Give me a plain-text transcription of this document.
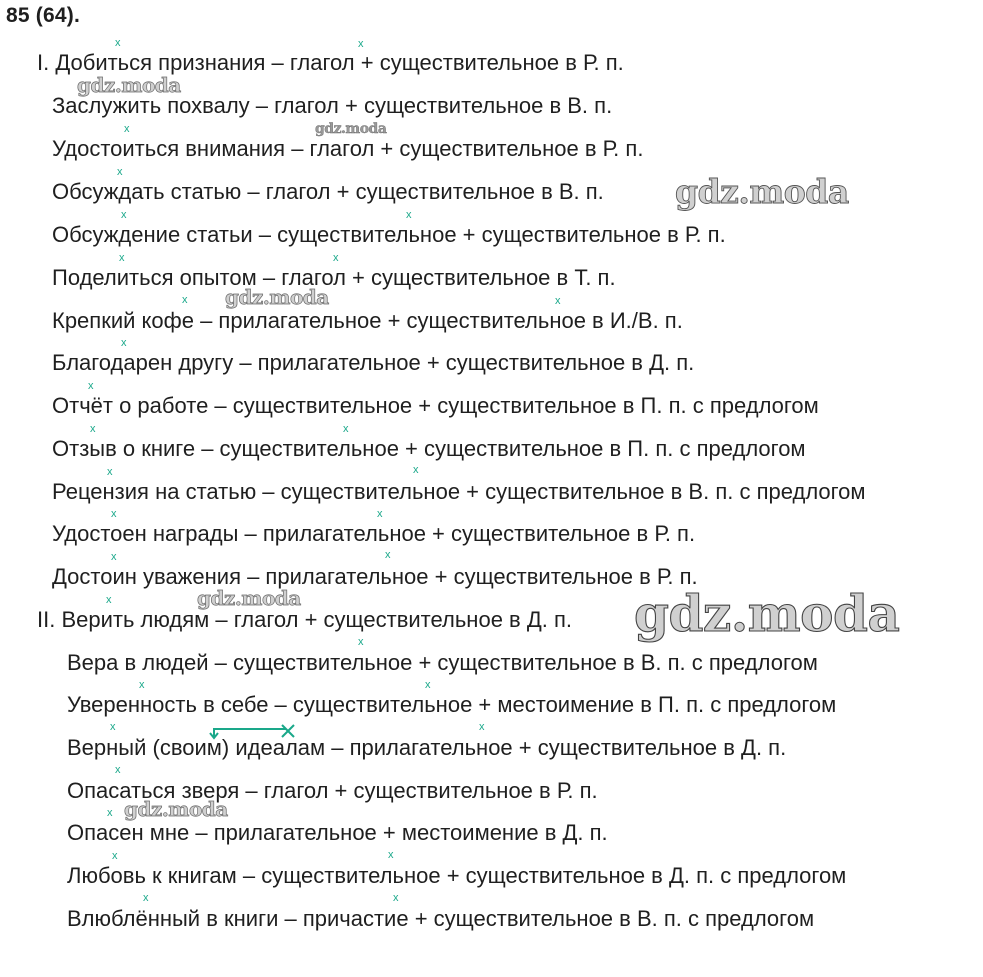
85 (64).
I. Добиться признания – глагол + существительное в Р. п.
Заслужить похвалу – глагол + существительное в В. п.
Удостоиться внимания – глагол + существительное в Р. п.
Обсуждать статью – глагол + существительное в В. п.
Обсуждение статьи – существительное + существительное в Р. п.
Поделиться опытом – глагол + существительное в Т. п.
Крепкий кофе – прилагательное + существительное в И./В. п.
Благодарен другу – прилагательное + существительное в Д. п.
Отчёт о работе – существительное + существительное в П. п. с предлогом
Отзыв о книге – существительное + существительное в П. п. с предлогом
Рецензия на статью – существительное + существительное в В. п. с предлогом
Удостоен награды – прилагательное + существительное в Р. п.
Достоин уважения – прилагательное + существительное в Р. п.
II. Верить людям – глагол + существительное в Д. п.
Вера в людей – существительное + существительное в В. п. с предлогом
Уверенность в себе – существительное + местоимение в П. п. с предлогом
Верный (своим) идеалам – прилагательное + существительное в Д. п.
Опасаться зверя – глагол + существительное в Р. п.
Опасен мне – прилагательное + местоимение в Д. п.
Любовь к книгам – существительное + существительное в Д. п. с предлогом
Влюблённый в книги – причастие + существительное в В. п. с предлогом
gdz.moda
gdz.moda
gdz.moda
gdz.moda
gdz.moda	gdz.moda
gdz.moda
x	x
x
x
x	x
x	x
x	x
x
x
x	x
x	x
x	x
x	x
x
x
x	x
x	x
x
x
x	x
x	x
